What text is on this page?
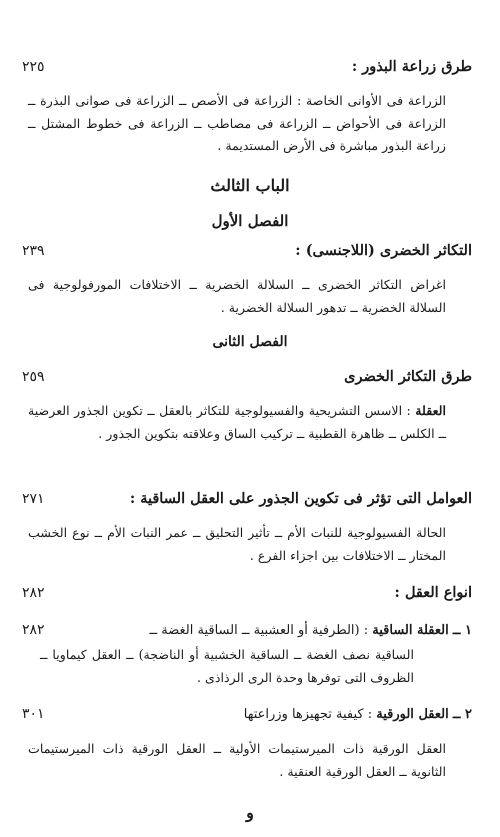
طرق زراعة البذور :
٢٢٥
الزراعة فى الأوانى الخاصة : الزراعة فى الأصص ــ الزراعة فى صوانى البذرة ــ الزراعة فى الأحواض ــ الزراعة فى مصاطب ــ الزراعة فى خطوط المشتل ــ زراعة البذور مباشرة فى الأرض المستديمة .
الباب الثالث
الفصل الأول
التكاثر الخضرى (اللاجنسى) :
٢٣٩
اغراض التكاثر الخضرى ــ السلالة الخضرية ــ الاختلافات المورفولوجية فى السلالة الخضرية ــ تدهور السلالة الخضرية .
الفصل الثانى
طرق التكاثر الخضرى
٢٥٩
العقلة : الاسس التشريحية والفسيولوجية للتكاثر بالعقل ــ تكوين الجذور العرضية ــ الكلس ــ ظاهرة القطبية ــ تركيب الساق وعلاقته بتكوين الجذور .
العوامل التى تؤثر فى تكوين الجذور على العقل الساقية :
٢٧١
الحالة الفسيولوجية للنبات الأم ــ تأثير التحليق ــ عمر النبات الأم ــ نوع الخشب المختار ــ الاختلافات بين اجزاء الفرع .
انواع العقل :
٢٨٢
١ ــ العقلة الساقية : (الطرفية أو العشبية ــ الساقية الغضة ــ
٢٨٢
الساقية نصف الغضة ــ الساقية الخشبية أو الناضجة) ــ العقل كيماويا ــ الظروف التى توفرها وحدة الرى الرذاذى .
٢ ــ العقل الورقية : كيفية تجهيزها وزراعتها
٣٠١
العقل الورقية ذات الميرستيمات الأولية ــ العقل الورقية ذات الميرستيمات الثانوية ــ العقل الورقية العنقية .
و
